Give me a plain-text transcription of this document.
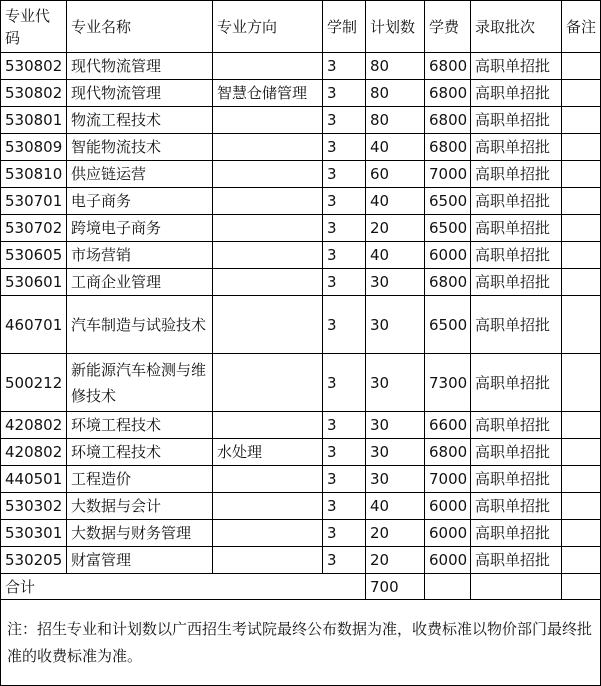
专业代码	专业名称	专业方向	学制	计划数	学费	录取批次	备注
530802	现代物流管理		3	80	6800	高职单招批	
530802	现代物流管理	智慧仓储管理	3	80	6800	高职单招批	
530801	物流工程技术		3	80	6800	高职单招批	
530809	智能物流技术		3	40	6800	高职单招批	
530810	供应链运营		3	60	7000	高职单招批	
530701	电子商务		3	40	6500	高职单招批	
530702	跨境电子商务		3	20	6500	高职单招批	
530605	市场营销		3	40	6000	高职单招批	
530601	工商企业管理		3	30	6800	高职单招批	
460701	汽车制造与试验技术		3	30	6500	高职单招批	
500212	新能源汽车检测与维修技术		3	30	7300	高职单招批	
420802	环境工程技术		3	30	6600	高职单招批	
420802	环境工程技术	水处理	3	30	6800	高职单招批	
440501	工程造价		3	30	7000	高职单招批	
530302	大数据与会计		3	40	6000	高职单招批	
530301	大数据与财务管理		3	20	6000	高职单招批	
530205	财富管理		3	20	6000	高职单招批	
合计				700			
注：招生专业和计划数以广西招生考试院最终公布数据为准，收费标准以物价部门最终批准的收费标准为准。							
